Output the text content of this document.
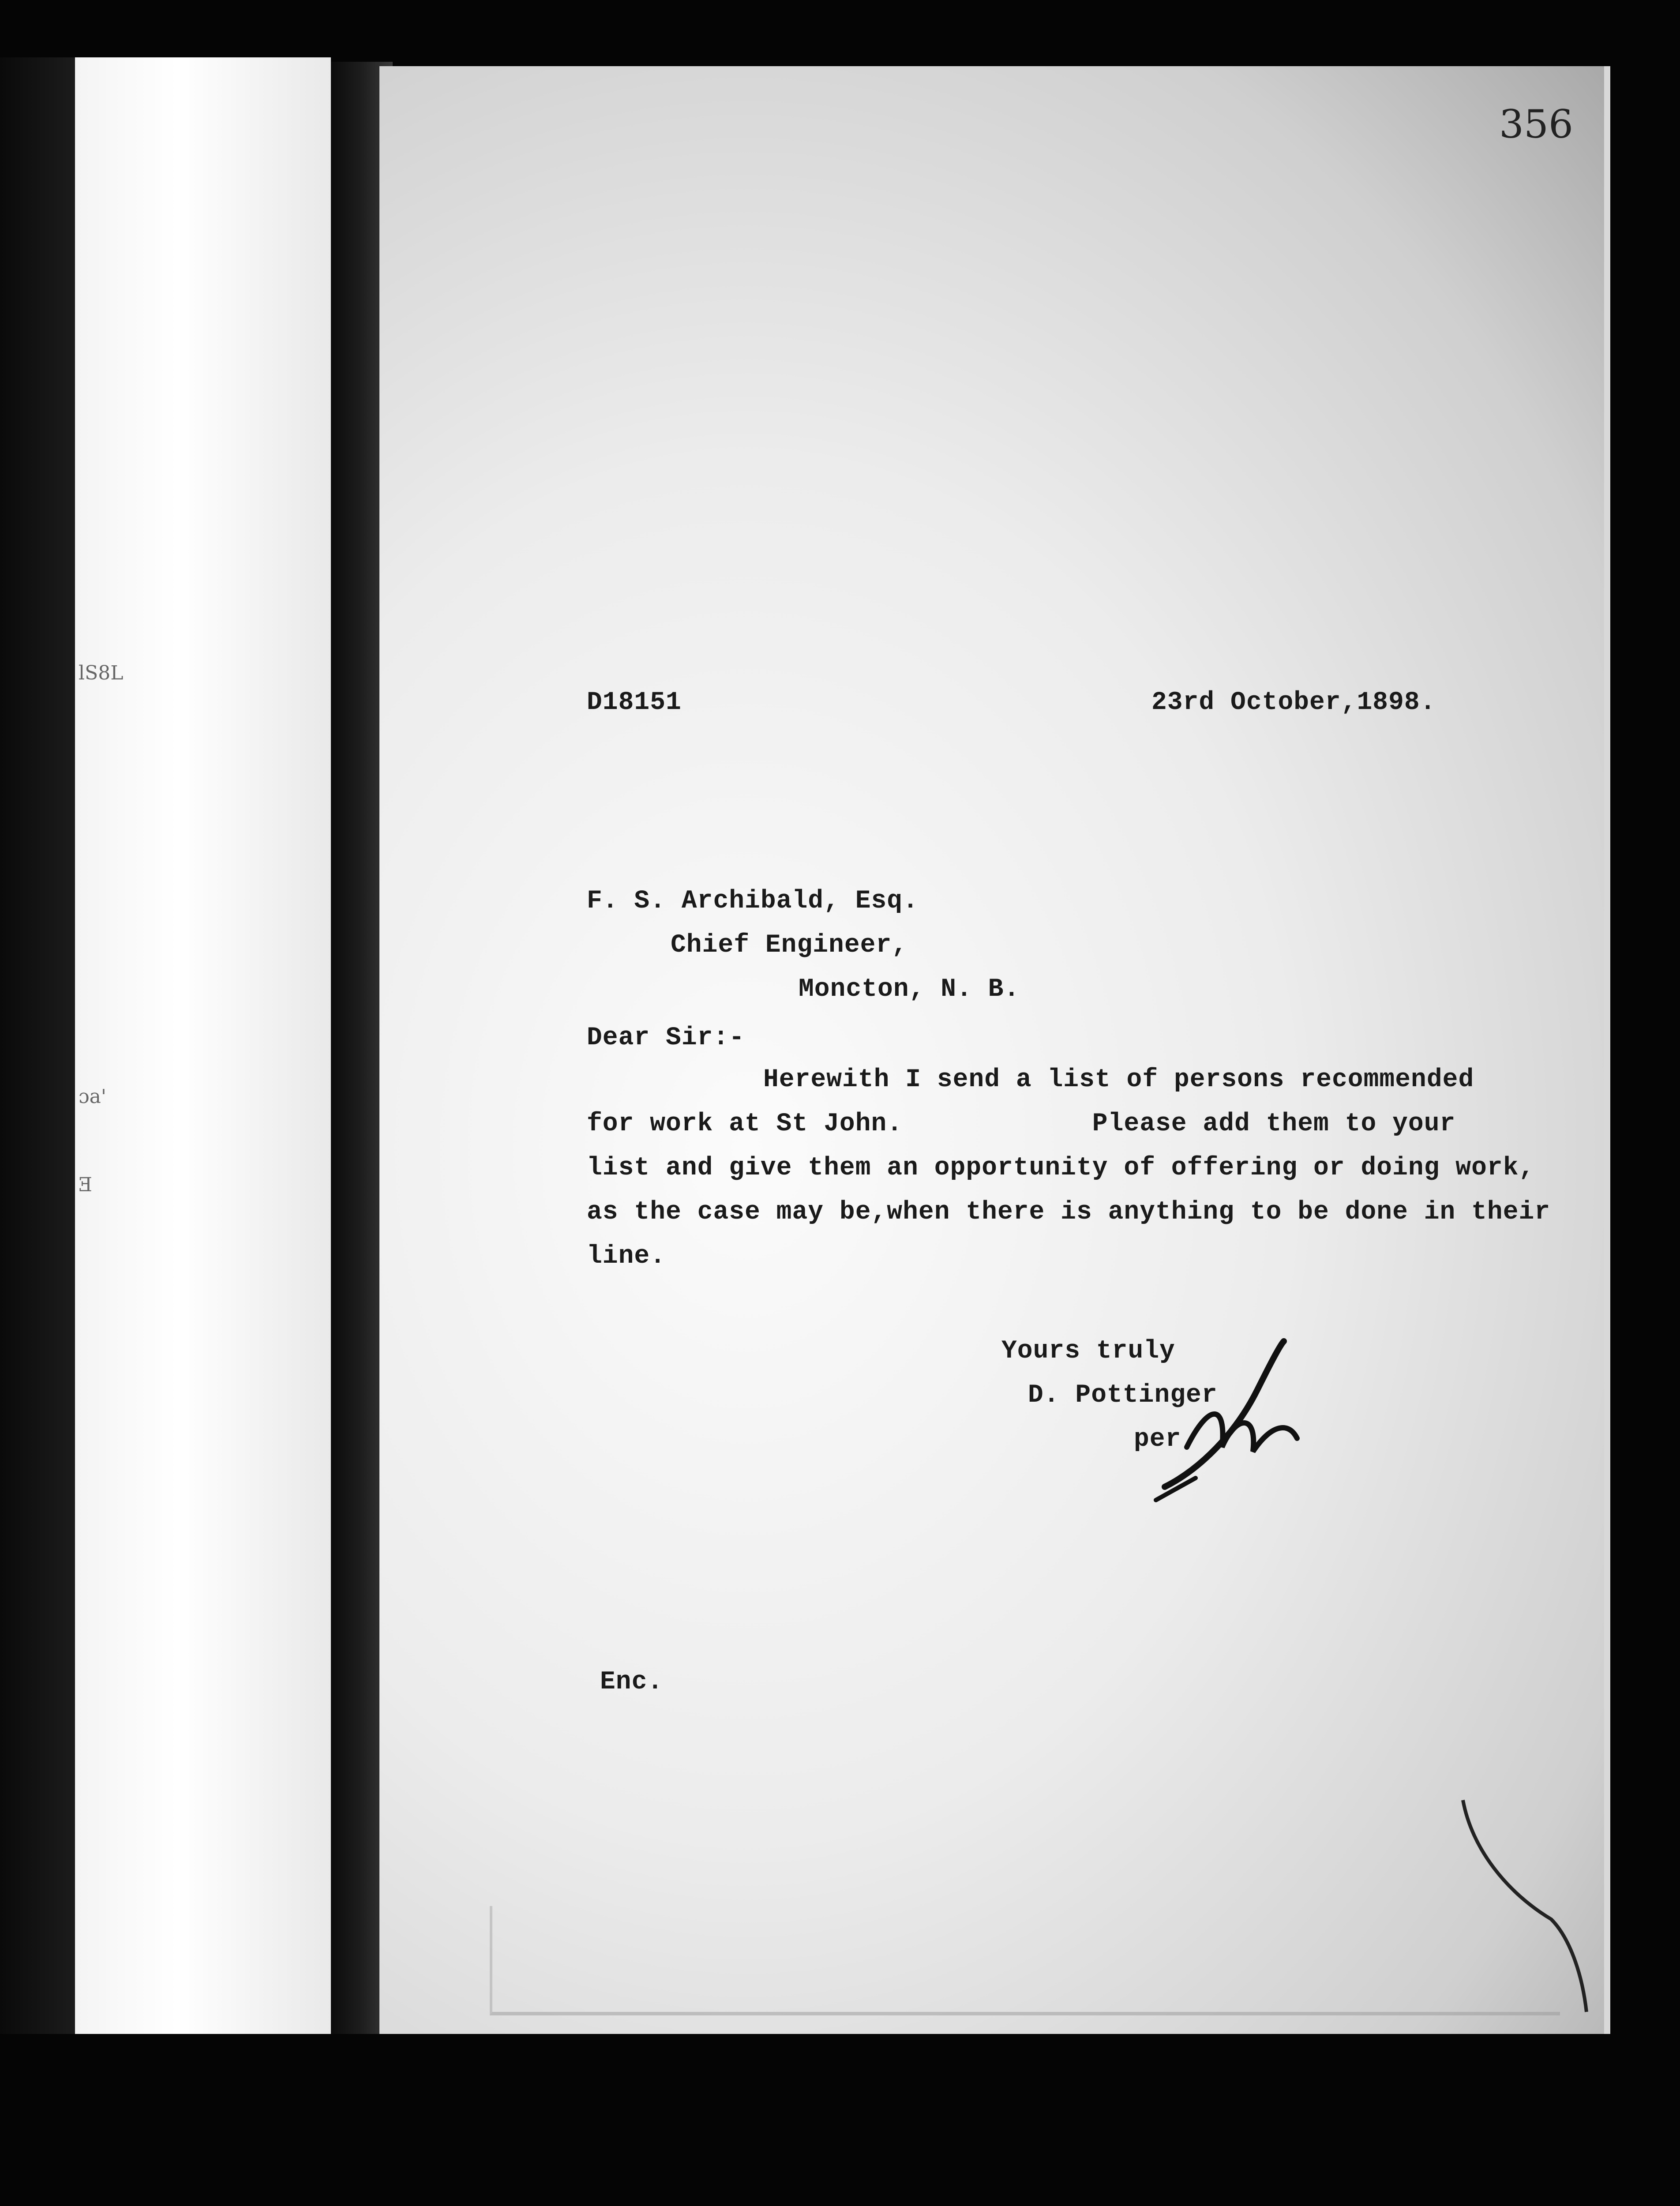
lS8L
ɔa'
Ǝ
356
D18151	23rd October,1898.
F. S. Archibald, Esq.
Chief Engineer,
Moncton, N. B.
Dear Sir:-
Herewith I send a list of persons recommended
for work at St John.            Please add them to your
list and give them an opportunity of offering or doing work,
as the case may be,when there is anything to be done in their
line.
Yours truly
D. Pottinger
per
Enc.
